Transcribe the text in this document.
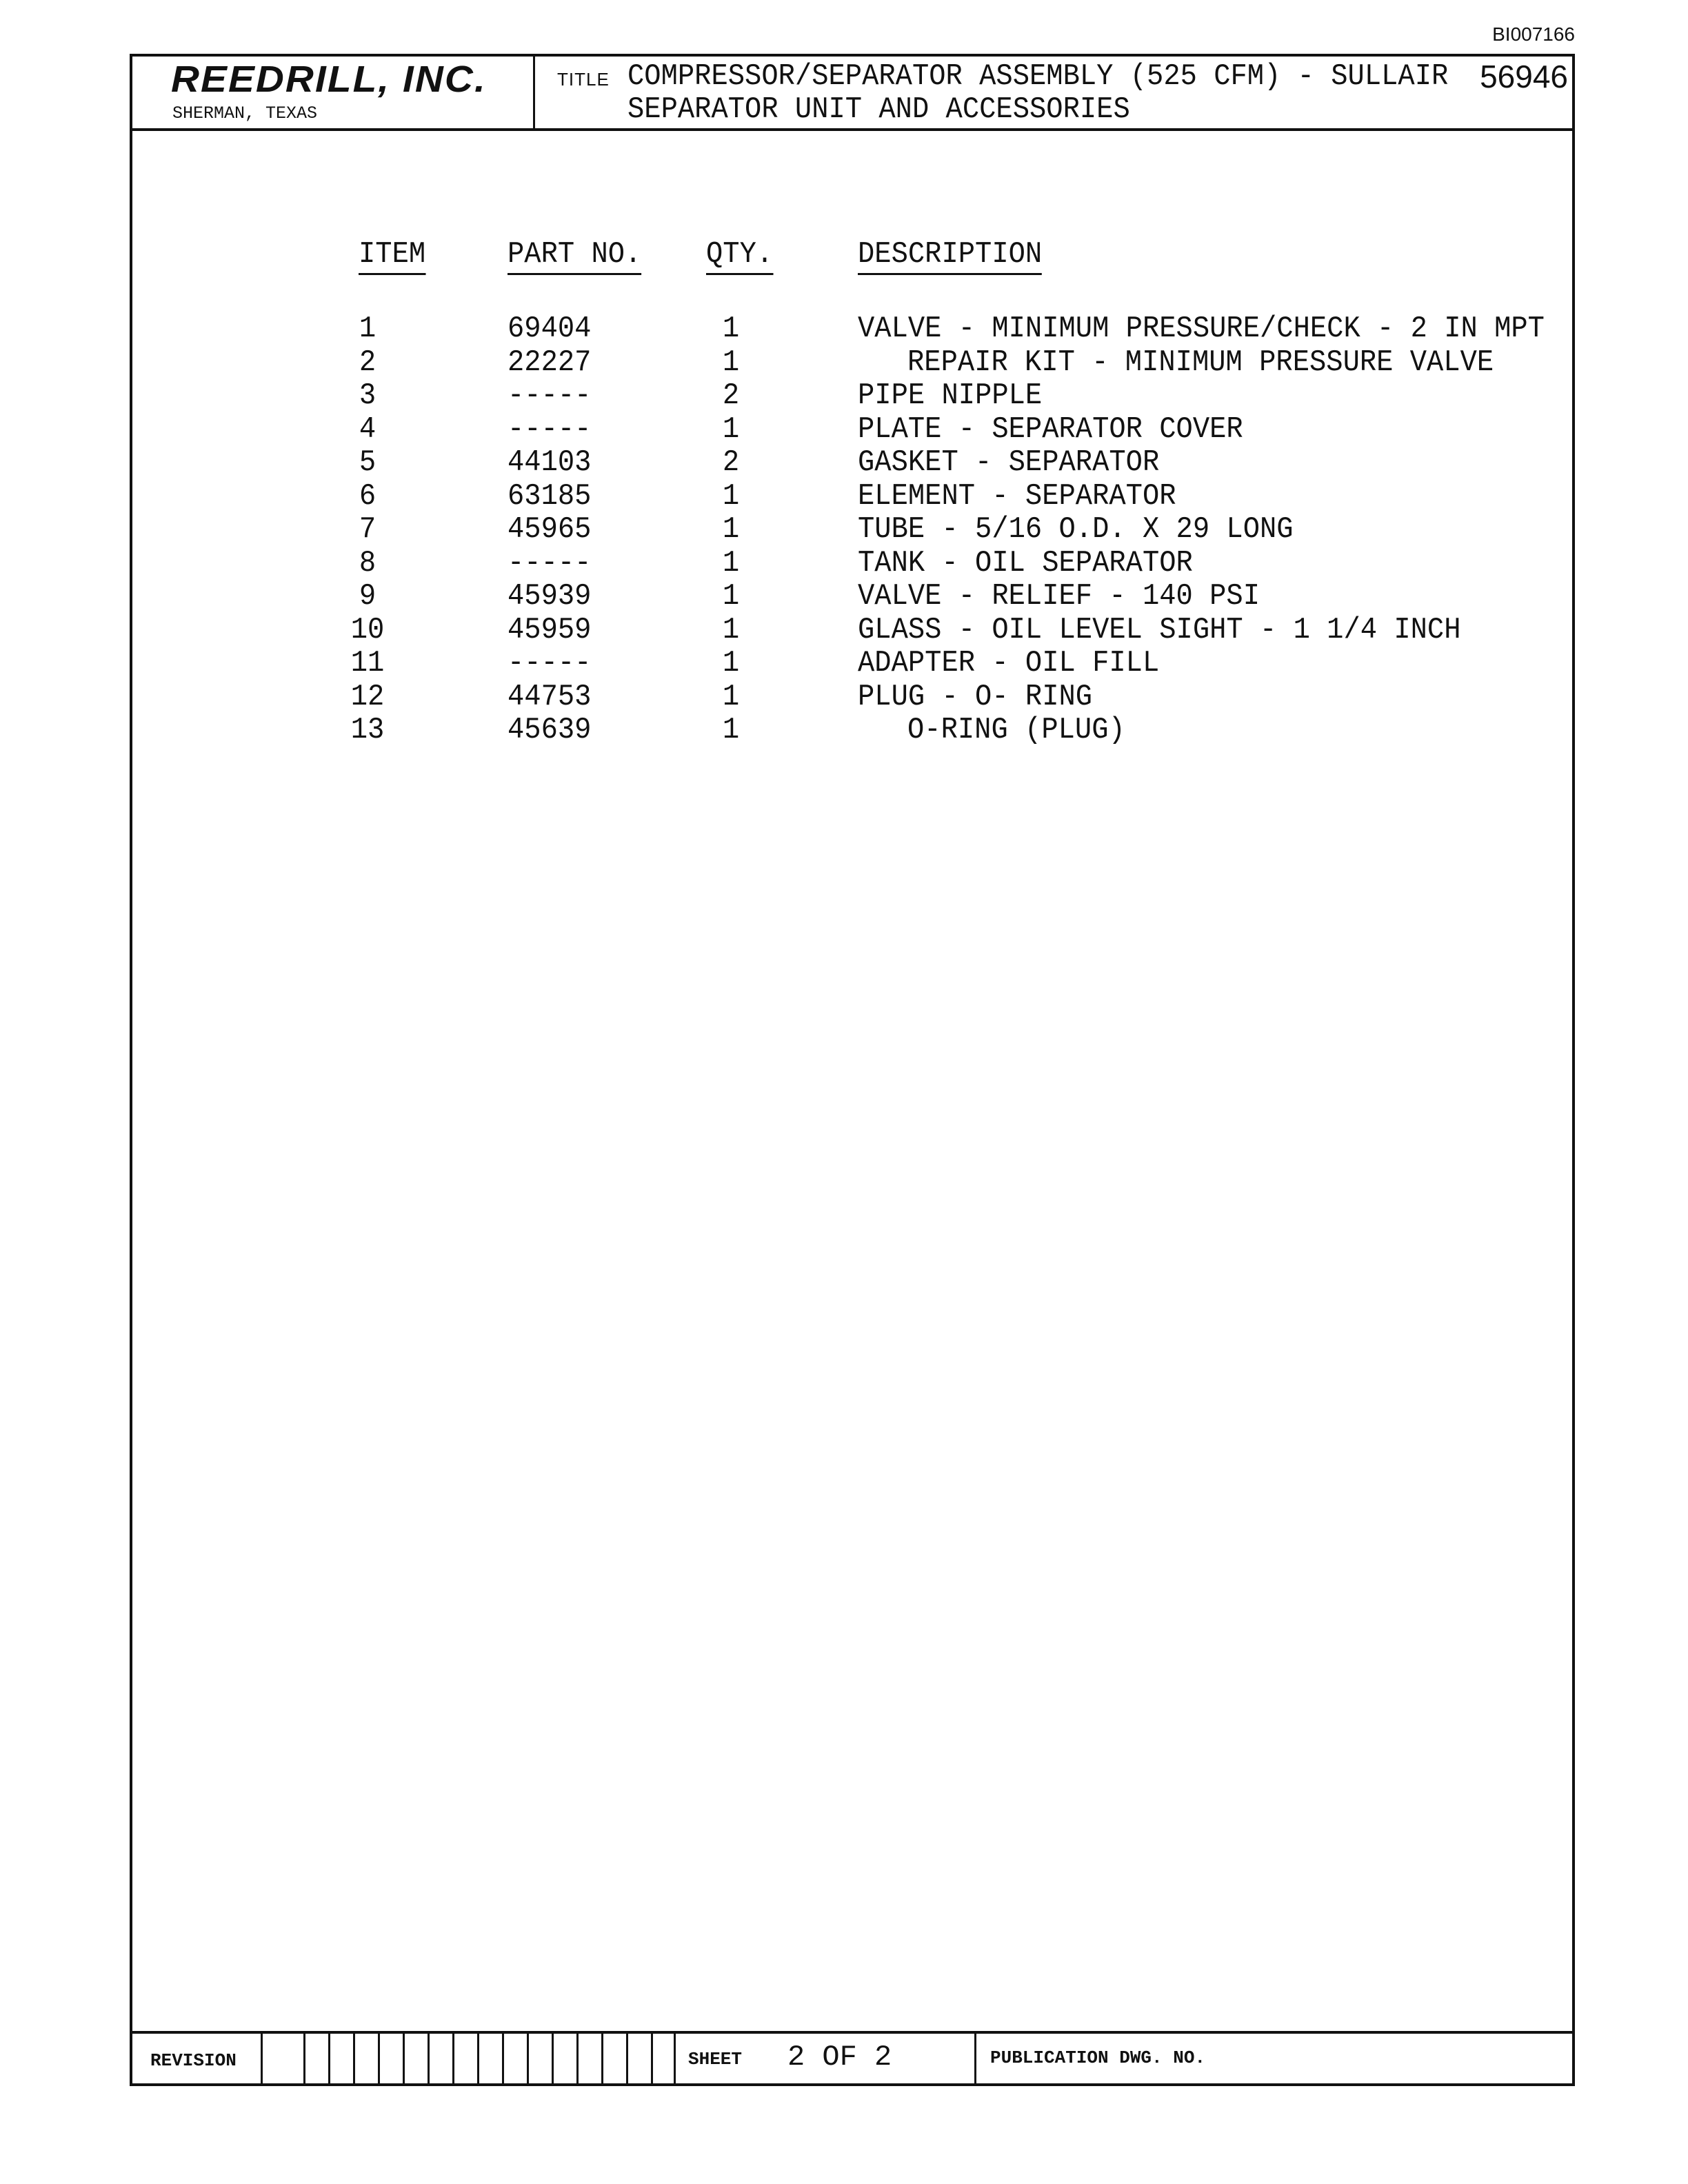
BI007166
REEDRILL, INC.
SHERMAN, TEXAS
TITLE COMPRESSOR/SEPARATOR ASSEMBLY (525 CFM) - SULLAIR
SEPARATOR UNIT AND ACCESSORIES
56946
ITEM	PART NO. QTY.	DESCRIPTION
1	69404	1	VALVE - MINIMUM PRESSURE/CHECK - 2 IN MPT
2	22227	1	REPAIR KIT - MINIMUM PRESSURE VALVE
3	-----	2	PIPE NIPPLE
4	-----	1	PLATE - SEPARATOR COVER
5	44103	2	GASKET - SEPARATOR
6	63185	1	ELEMENT - SEPARATOR
7	45965	1	TUBE - 5/16 O.D. X 29 LONG
8	-----	1	TANK - OIL SEPARATOR
9	45939	1	VALVE - RELIEF - 140 PSI
10	45959	1	GLASS - OIL LEVEL SIGHT - 1 1/4 INCH
11	-----	1	ADAPTER - OIL FILL
12	44753	1	PLUG - O- RING
13	45639	1	O-RING (PLUG)
REVISION	SHEET 2 OF 2	PUBLICATION DWG. NO.
